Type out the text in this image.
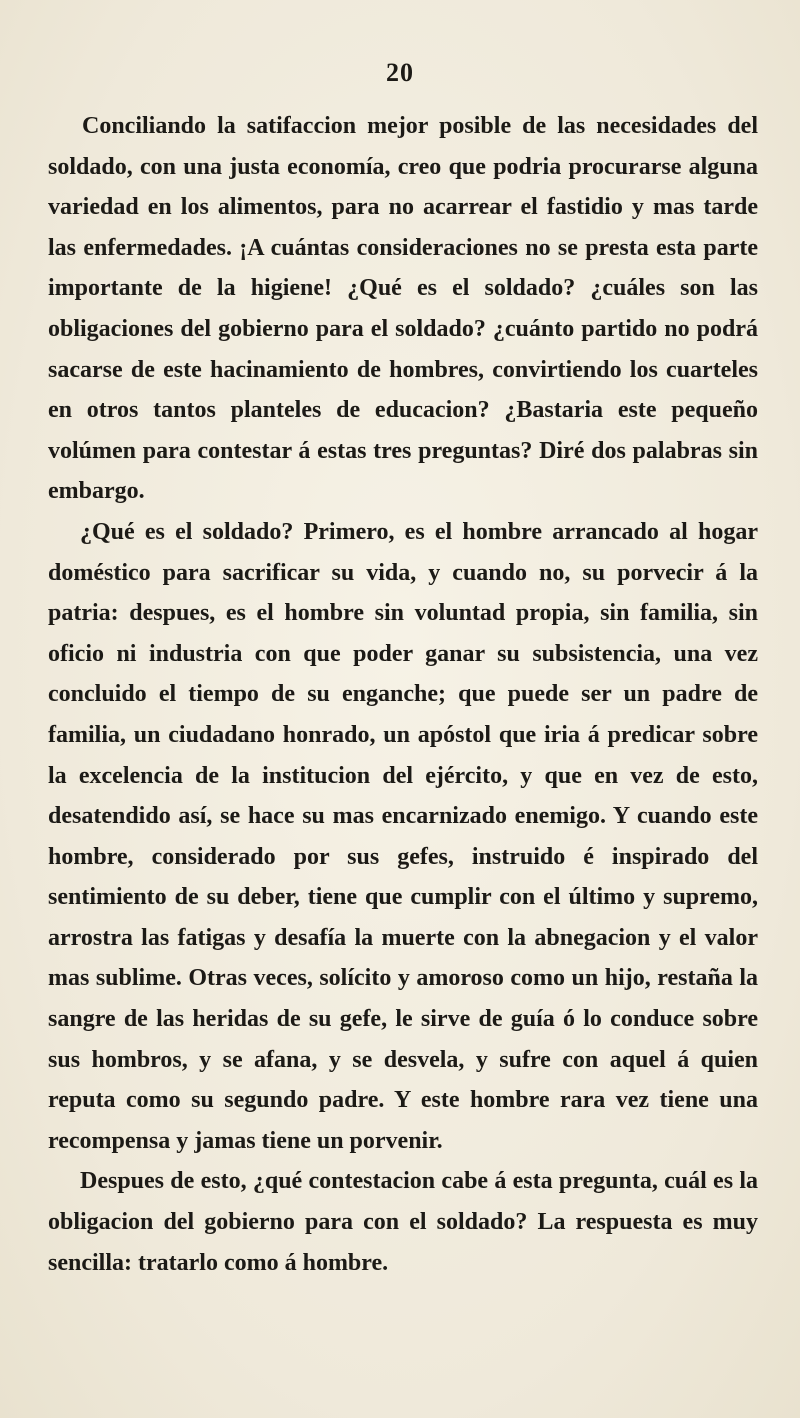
20

Conciliando la satifaccion mejor posible de las necesidades del soldado, con una justa economía, creo que podria procurarse alguna variedad en los alimentos, para no acarrear el fastidio y mas tarde las enfermedades. ¡A cuántas consideraciones no se presta esta parte importante de la higiene! ¿Qué es el soldado? ¿cuáles son las obligaciones del gobierno para el soldado? ¿cuánto partido no podrá sacarse de este hacinamiento de hombres, convirtiendo los cuarteles en otros tantos planteles de educacion? ¿Bastaria este pequeño volúmen para contestar á estas tres preguntas? Diré dos palabras sin embargo.

¿Qué es el soldado? Primero, es el hombre arrancado al hogar doméstico para sacrificar su vida, y cuando no, su porvecir á la patria: despues, es el hombre sin voluntad propia, sin familia, sin oficio ni industria con que poder ganar su subsistencia, una vez concluido el tiempo de su enganche; que puede ser un padre de familia, un ciudadano honrado, un apóstol que iria á predicar sobre la excelencia de la institucion del ejército, y que en vez de esto, desatendido así, se hace su mas encarnizado enemigo. Y cuando este hombre, considerado por sus gefes, instruido é inspirado del sentimiento de su deber, tiene que cumplir con el último y supremo, arrostra las fatigas y desafía la muerte con la abnegacion y el valor mas sublime. Otras veces, solícito y amoroso como un hijo, restaña la sangre de las heridas de su gefe, le sirve de guía ó lo conduce sobre sus hombros, y se afana, y se desvela, y sufre con aquel á quien reputa como su segundo padre. Y este hombre rara vez tiene una recompensa y jamas tiene un porvenir.

Despues de esto, ¿qué contestacion cabe á esta pregunta, cuál es la obligacion del gobierno para con el soldado? La respuesta es muy sencilla: tratarlo como á hombre.
